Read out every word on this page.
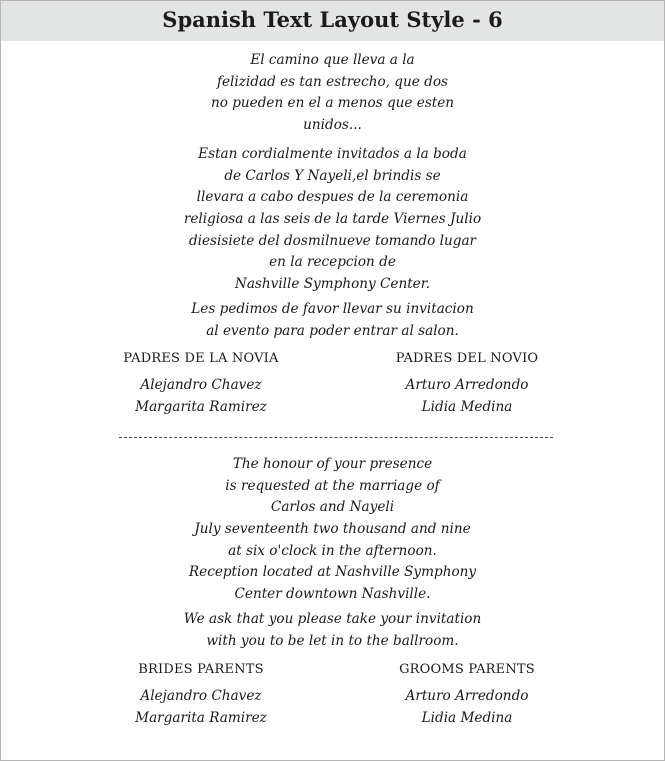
Spanish Text Layout Style - 6
El camino que lleva a la
felizidad es tan estrecho, que dos
no pueden en el a menos que esten
unidos...
Estan cordialmente invitados a la boda
de Carlos Y Nayeli,el brindis se
llevara a cabo despues de la ceremonia
religiosa a las seis de la tarde Viernes Julio
diesisiete del dosmilnueve tomando lugar
en la recepcion de
Nashville Symphony Center.
Les pedimos de favor llevar su invitacion
al evento para poder entrar al salon.
PADRES DE LA NOVIA
Alejandro Chavez
Margarita Ramirez
PADRES DEL NOVIO
Arturo Arredondo
Lidia Medina
The honour of your presence
is requested at the marriage of
Carlos and Nayeli
July seventeenth two thousand and nine
at six o'clock in the afternoon.
Reception located at Nashville Symphony
Center downtown Nashville.
We ask that you please take your invitation
with you to be let in to the ballroom.
BRIDES PARENTS
Alejandro Chavez
Margarita Ramirez
GROOMS PARENTS
Arturo Arredondo
Lidia Medina
